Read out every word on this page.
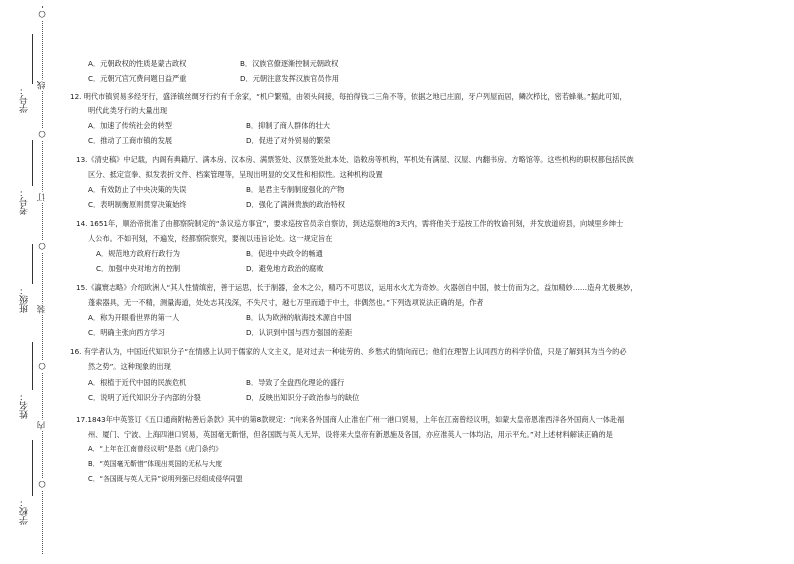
○
线
○
订
○
装
○
内
○
学号：
考号：
班级：
姓名：
学校：
A．元朝政权的性质是蒙古政权	B．汉族官僚逐渐控制元朝政权
C．元朝冗官冗费问题日益严重	D．元朝注意发挥汉族官员作用
12. 明代市镇贸易多经牙行，盛泽镇丝绸牙行约有千余家，“机户繁殖，由领头间接，每拍得钱二三角不等，依据之地已庄面，牙户列屋而居，鳞次栉比，密若蜂巢。”据此可知，
明代此类牙行的大量出现
A．加速了传统社会的转型	B．抑制了商人群体的壮大
C．推动了工商市镇的发展	D．促进了对外贸易的繁荣
13.《清史稿》中记载，内阁有典籍厅、满本房、汉本房、满票签处、汉票签处批本处、诰敕房等机构，军机处有满屋、汉屋、内翻书房、方略馆等。这些机构的职权都包括民族
区分、抵定宣拳、拟发表折文件、档案管理等，呈现出明显的交叉性和相似性。这种机构设置
A．有效防止了中央决策的失误	B．是君主专制制度强化的产物
C．表明制衡原则贯穿决策始终	D．强化了满洲贵族的政治特权
14. 1651年，顺治帝批准了由都察院制定的“条议巡方事宜”，要求巡按官员亲自察访，到达巡察地的3天内，需将他关于巡按工作的牧谕刊刻，并发放道府县，向城里乡绅士
人公布。不如刊刻，不遍发，经都察院察究，要视以违旨论处。这一规定旨在
A．规范地方政府行政行为	B．促进中央政令的畅通
C．加强中央对地方的控制	D．避免地方政治的腐败
15.《瀛寰志略》介绍欧洲人“其人性情缜密，善于运思，长于制器，金木之公，精巧不可思议，运用水火尤为奇妙。火器创自中国，彼士仿而为之，益加精妙……造舟尤极奥妙，
蓬索器具，无一不精，测量海道，处处志其浅深，不失尺寸，越七万里而通于中土，非偶然也。”下列选项说法正确的是，作者
A．称为开眼看世界的第一人	B．认为欧洲的航海技术源自中国
C．明确主张向西方学习	D．认识到中国与西方强国的差距
16. 有学者认为，中国近代知识分子“在情感上认同于儒家的人文主义，是对过去一种徒劳的、乡愁式的情向而已；他们在理智上认同西方的科学价值，只是了解到其为当今的必
然之势”。这种现象的出现
A．根植于近代中国的民族危机	B．导致了全盘西化理论的盛行
C．说明了近代知识分子内部的分裂	D．反映出知识分子政治参与的缺位
17.1843年中英签订《五口通商附粘善后条款》其中的第8款规定：“向来各外国商人止准在广州一港口贸易，上年在江南曾经议明，如蒙大皇帝恩准西洋各外国商人一体赴福
州、厦门、宁波、上海四港口贸易，英国毫无靳惜，但各国既与英人无异，设将来大皇帝有新恩施及各国，亦应准英人一体均沾，用示平允。”对上述材料解读正确的是
A．“上年在江南曾经议明”是指《虎门条约》
B．“英国毫无靳惜”体现出英国的无私与大度
C．“各国既与英人无异”说明列强已经组成侵华同盟
